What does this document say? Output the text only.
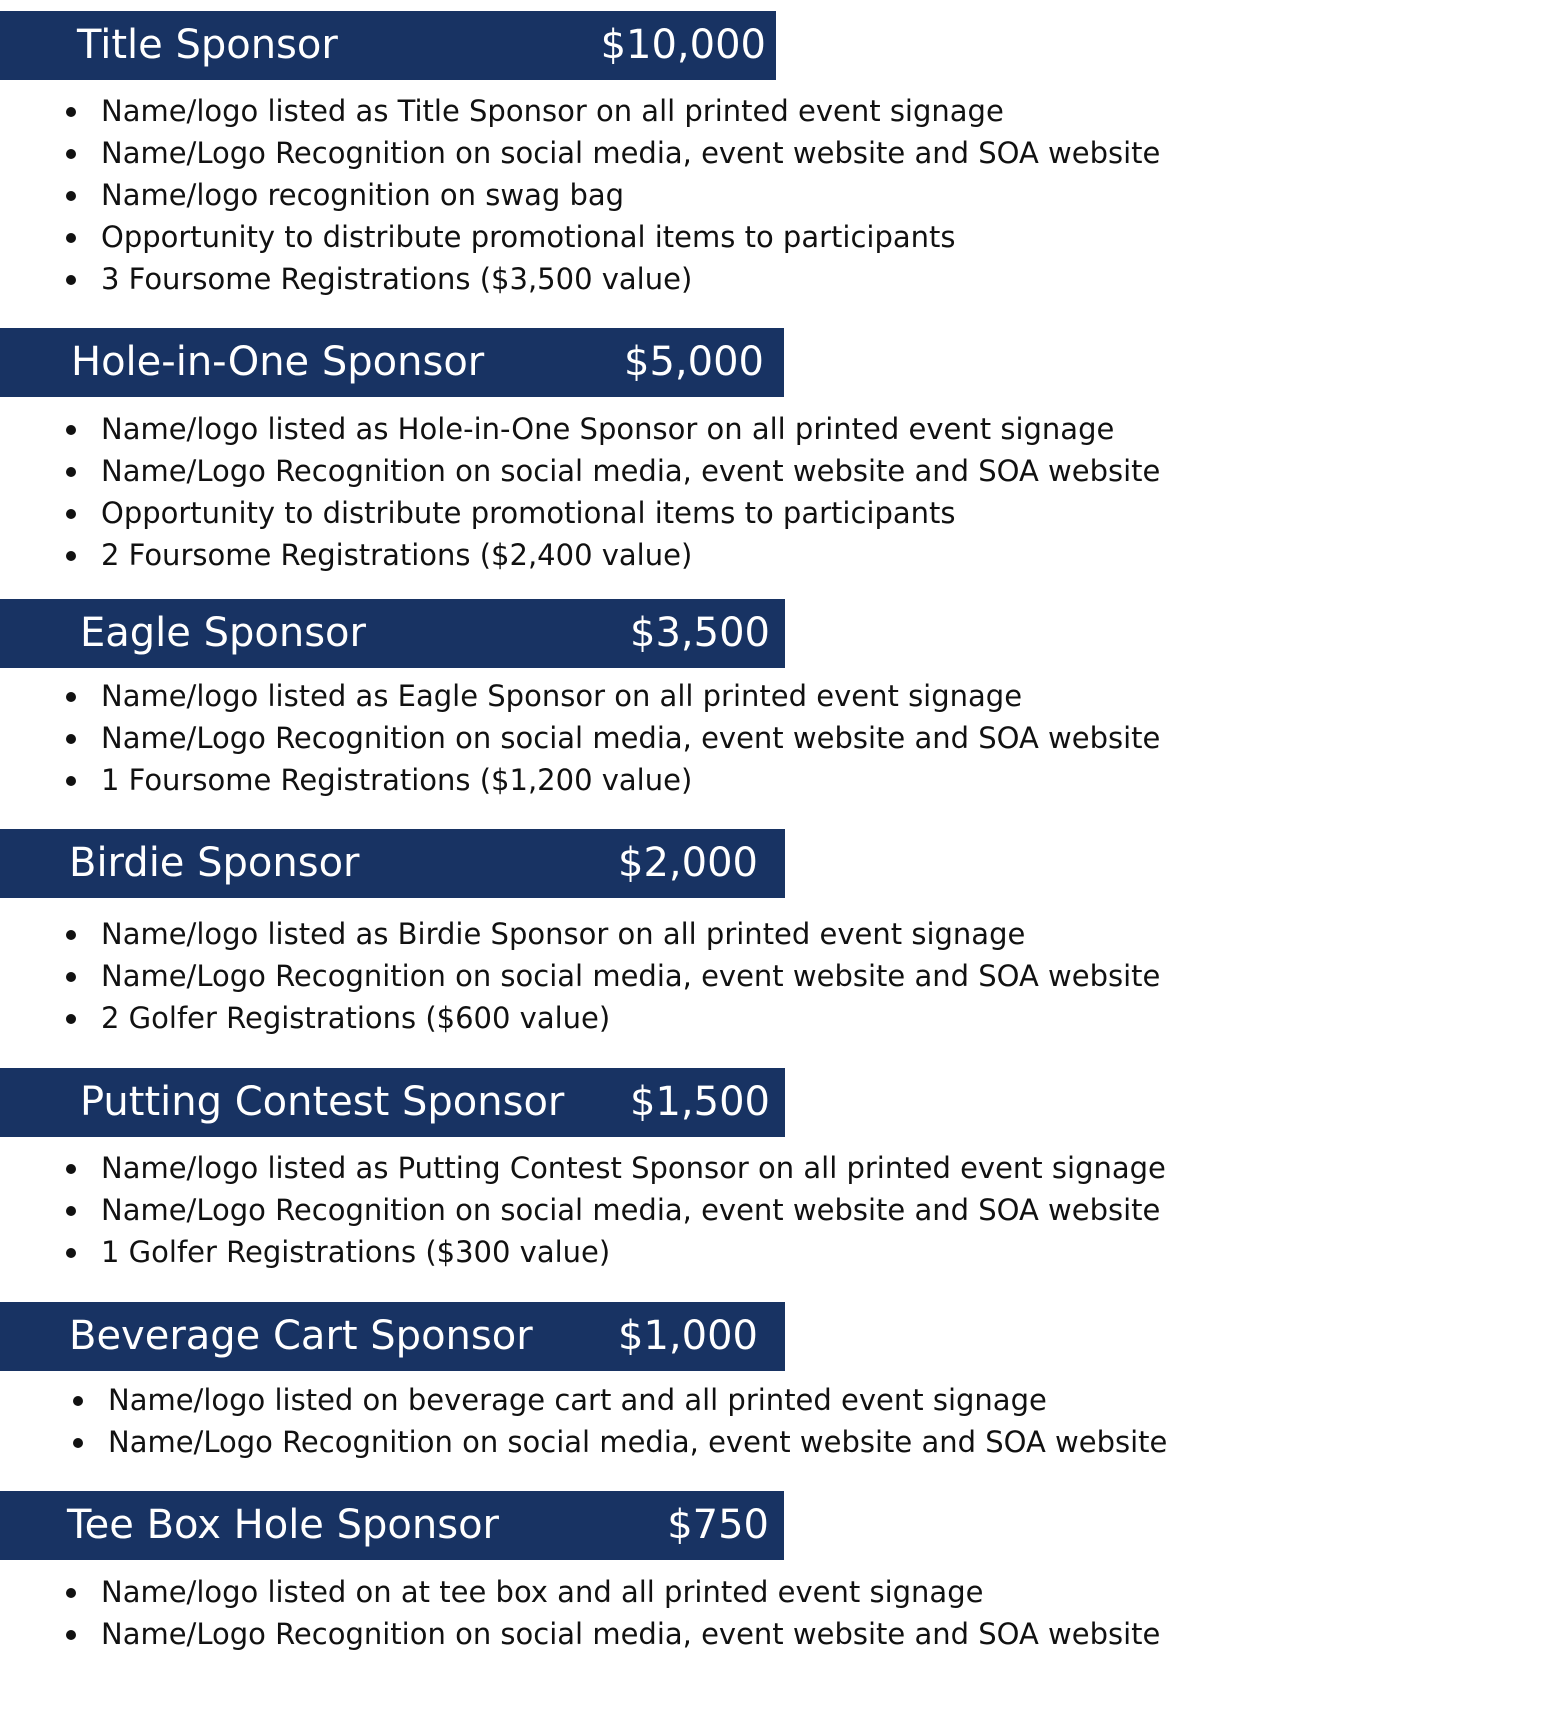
Title Sponsor	$10,000
Name/logo listed as Title Sponsor on all printed event signage
Name/Logo Recognition on social media, event website and SOA website
Name/logo recognition on swag bag
Opportunity to distribute promotional items to participants
3 Foursome Registrations ($3,500 value)
Hole-in-One Sponsor	$5,000
Name/logo listed as Hole-in-One Sponsor on all printed event signage
Name/Logo Recognition on social media, event website and SOA website
Opportunity to distribute promotional items to participants
2 Foursome Registrations ($2,400 value)
Eagle Sponsor	$3,500
Name/logo listed as Eagle Sponsor on all printed event signage
Name/Logo Recognition on social media, event website and SOA website
1 Foursome Registrations ($1,200 value)
Birdie Sponsor	$2,000
Name/logo listed as Birdie Sponsor on all printed event signage
Name/Logo Recognition on social media, event website and SOA website
2 Golfer Registrations ($600 value)
Putting Contest Sponsor $1,500
Name/logo listed as Putting Contest Sponsor on all printed event signage
Name/Logo Recognition on social media, event website and SOA website
1 Golfer Registrations ($300 value)
Beverage Cart Sponsor $1,000
Name/logo listed on beverage cart and all printed event signage
Name/Logo Recognition on social media, event website and SOA website
Tee Box Hole Sponsor	$750
Name/logo listed on at tee box and all printed event signage
Name/Logo Recognition on social media, event website and SOA website
